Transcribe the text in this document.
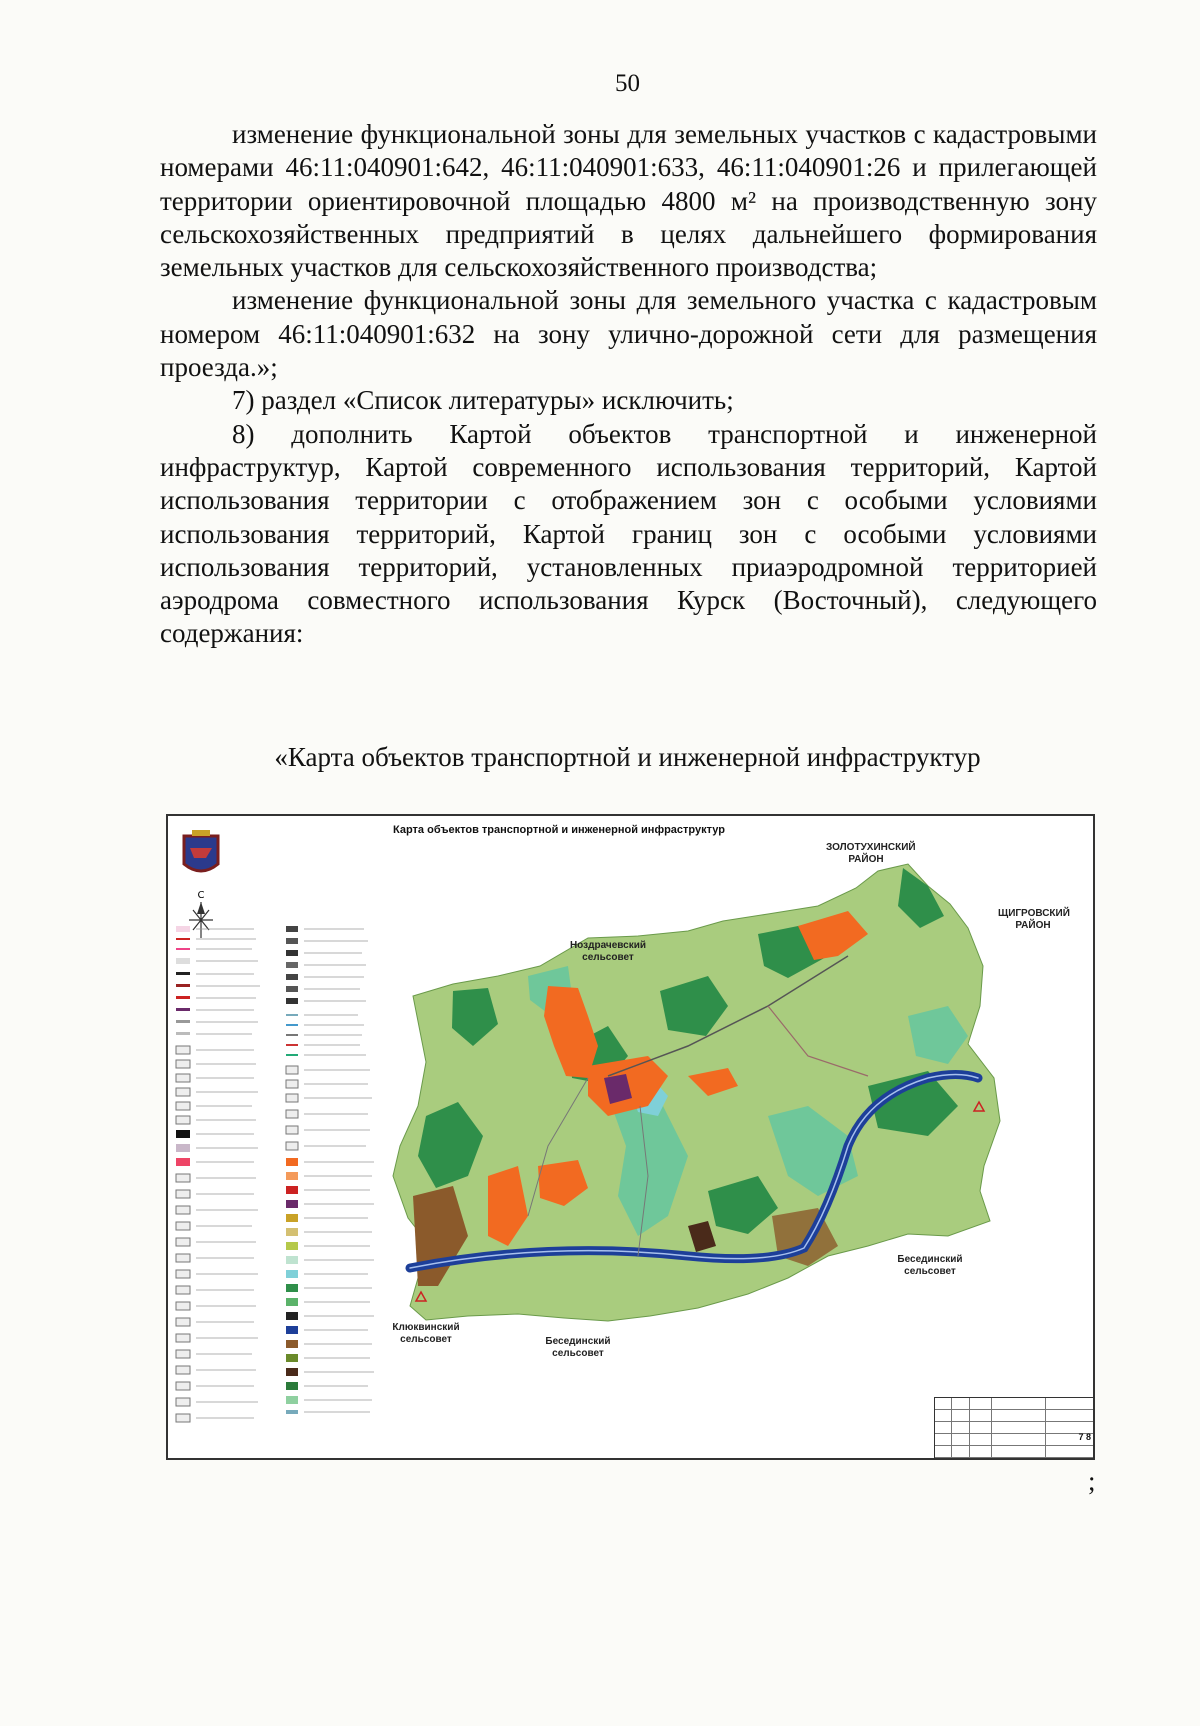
50

изменение функциональной зоны для земельных участков с кадастровыми номерами 46:11:040901:642, 46:11:040901:633, 46:11:040901:26 и прилегающей территории ориентировочной площадью 4800 м² на производственную зону сельскохозяйственных предприятий в целях дальнейшего формирования земельных участков для сельскохозяйственного производства;

изменение функциональной зоны для земельного участка с кадастровым номером 46:11:040901:632 на зону улично-дорожной сети для размещения проезда.»;

7) раздел «Список литературы» исключить;

8) дополнить Картой объектов транспортной и инженерной инфраструктур, Картой современного использования территорий, Картой использования территории с отображением зон с особыми условиями использования территорий, Картой границ зон с особыми условиями использования территорий, установленных приаэродромной территорией аэродрома совместного использования Курск (Восточный), следующего содержания:

«Карта объектов транспортной и инженерной инфраструктур
Карта объектов транспортной и инженерной инфраструктур
С
ЗОЛОТУХИНСКИЙ РАЙОН
ЩИГРОВСКИЙ РАЙОН
Ноздрачевский сельсовет
Бесединский сельсовет
Клюквинский сельсовет	Бесединский сельсовет
7 8
;
